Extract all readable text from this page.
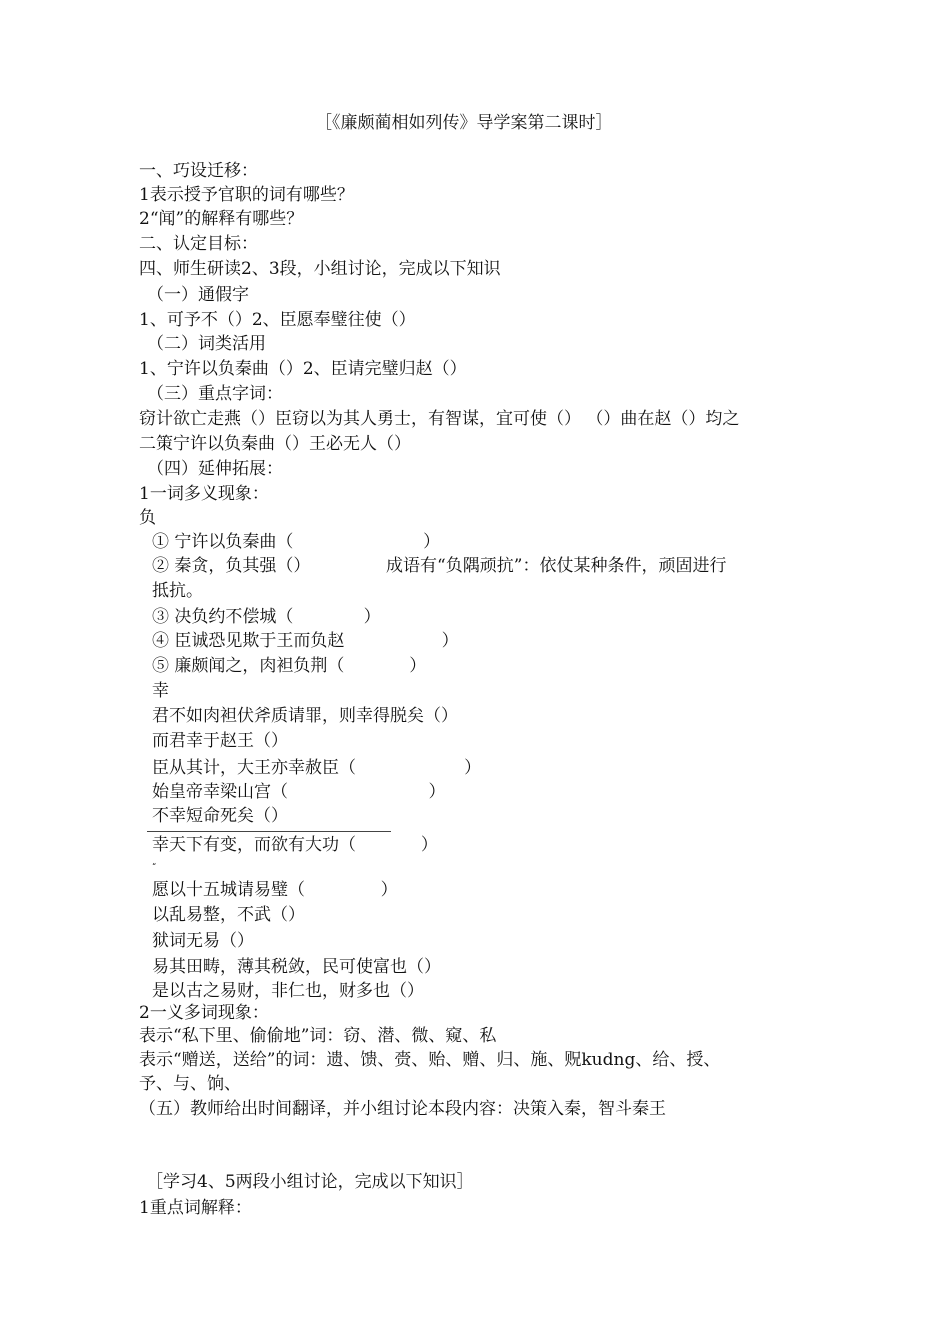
［《廉颇蔺相如列传》导学案第二课时］
一、巧设迁移：
1表示授予官职的词有哪些？
2“闻”的解释有哪些？
二、认定目标：
四、师生研读2、3段，小组讨论，完成以下知识
（一）通假字
1、可予不（）2、臣愿奉璧往使（）
（二）词类活用
1、宁许以负秦曲（）2、臣请完璧归赵（）
（三）重点字词：
窃计欲亡走燕（）臣窃以为其人勇士，有智谋，宜可使（） （）曲在赵（）均之
二策宁许以负秦曲（）王必无人（）
（四）延伸拓展：
1一词多义现象：
负
① 宁许以负秦曲（                        ）
② 秦贪，负其强（）              成语有“负隅顽抗”：依仗某种条件，顽固进行
抵抗。
③ 决负约不偿城（             ）
④ 臣诚恐见欺于王而负赵                  ）
⑤ 廉颇闻之，肉袒负荆（            ）
幸
君不如肉袒伏斧质请罪，则幸得脱矣（）
而君幸于赵王（）
臣从其计，大王亦幸赦臣（                    ）
始皇帝幸梁山宫（                          ）
不幸短命死矣（）
幸天下有变，而欲有大功（            ）
“
愿以十五城请易璧（              ）
以乱易整，不武（）
狱词无易（）
易其田畴，薄其税敛，民可使富也（）
是以古之易财，非仁也，财多也（）
2一义多词现象：
表示“私下里、偷偷地”词：窃、潜、微、窥、私
表示“赠送，送给”的词：遗、馈、赍、贻、赠、归、施、贶kudng、给、授、
予、与、饷、
（五）教师给出时间翻译，并小组讨论本段内容：决策入秦，智斗秦王
［学习4、5两段小组讨论，完成以下知识］
1重点词解释：
